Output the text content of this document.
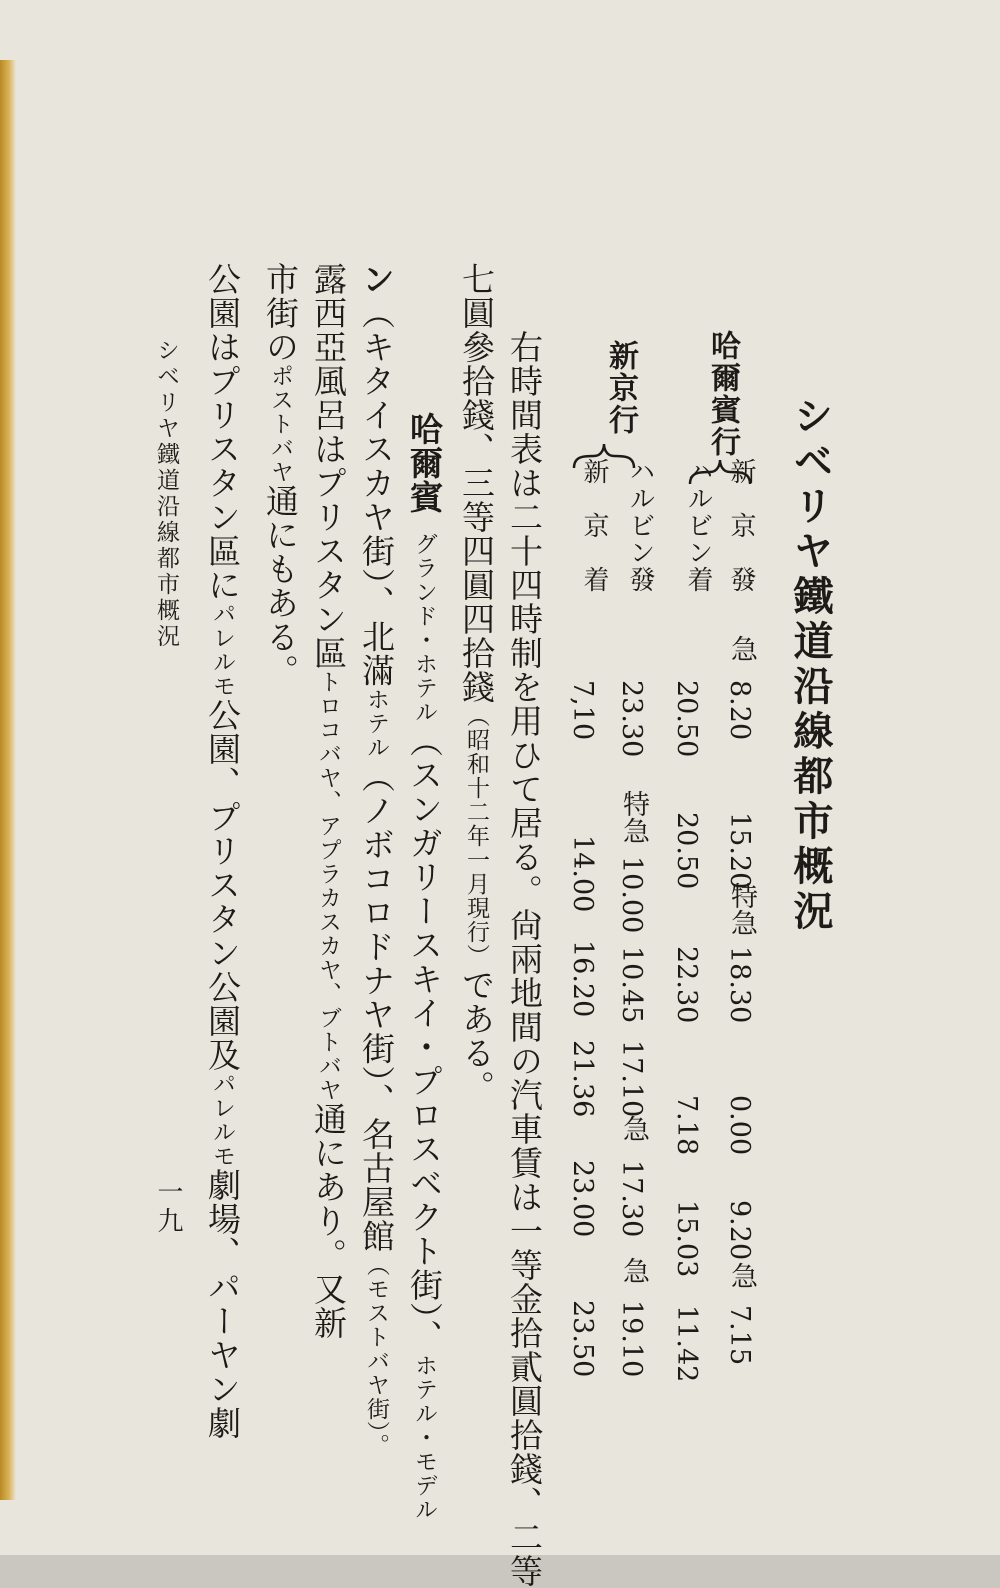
シベリヤ鐵道沿線都市概況
哈爾賓行
新　京　發
ハルビン着
新京行
ハルビン發
新　京　着
急
8.20
15.20
特急
18.30
0.00
9.20
急
7.15
20.50
20.50
22.30
7.18
15.03
11.42
23.30
特急
10.00
10.45
17.10
急
17.30
急
19.10
7,10
14.00
16.20
21.36
23.00
23.50
右時間表は二十四時制を用ひて居る。尙兩地間の汽車賃は一等金拾貳圓拾錢、二等
七圓參拾錢、三等四圓四拾錢（昭和十二年一月現行）である。
哈爾賓グランド・ホテル（スンガリースキイ・プロスベクト街）、ホテル・モデル
ン（キタイスカヤ街）、北滿ホテル（ノボコロドナヤ街）、名古屋館（モストバヤ街）。
露西亞風呂はプリスタン區トロコバヤ、アプラカスカヤ、ブトバヤ通にあり。又新
市街のポストバヤ通にもある。
公園はプリスタン區にパレルモ公園、プリスタン公園及パレルモ劇場、パーヤン劇
シベリヤ鐵道沿線都市概況
一九
